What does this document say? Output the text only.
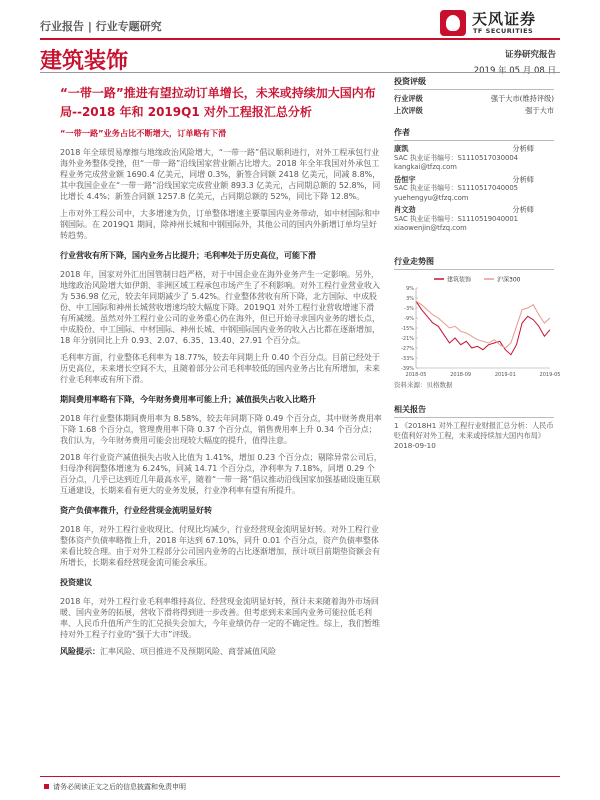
行业报告 | 行业专题研究	天风证券
TF SECURITIES
建筑装饰	证券研究报告
2019 年 05 月 08 日
“一带一路”推进有望拉动订单增长，未来或持续加大国内布局--2018 年和 2019Q1 对外工程报汇总分析
“一带一路”业务占比不断增大，订单略有下滑
2018 年全球贸易摩擦与地缘政治风险增大，“一带一路”倡议顺利进行，对外工程承包行业海外业务整体受挫，但“一带一路”沿线国家营业额占比增大。2018 年全年我国对外承包工程业务完成营业额 1690.4 亿美元，同增 0.3%，新签合同额 2418 亿美元，同减 8.8%，其中我国企业在“一带一路”沿线国家完成营业额 893.3 亿美元，占同期总额的 52.8%，同比增长 4.4%；新签合同额 1257.8 亿美元，占同期总额的 52%，同比下降 12.8%。
上市对外工程公司中，大多增速为负，订单整体增速主要靠国内业务带动，如中材国际和中钢国际。在 2019Q1 期间，除神州长城和中钢国际外，其他公司的国内外新增订单均呈好转趋势。
行业营收有所下降，国内业务占比提升；毛利率处于历史高位，可能下滑
2018 年，国家对外汇出国管制日趋严格，对于中国企业在海外业务产生一定影响。另外，地缘政治风险增大如伊朗、非洲区域工程承包市场产生了不利影响。对外工程行业营业收入为 536.98 亿元，较去年同期减少了 5.42%。行业整体营收有所下降，北方国际、中成股份、中工国际和神州长城营收增速均较大幅度下降。2019Q1 对外工程行业营收增速下滑有所减缓。虽然对外工程行业公司的业务重心仍在海外，但已开始寻求国内业务的增长点，中成股份、中工国际、中材国际、神州长城、中钢国际国内业务的收入占比都在逐渐增加，18 年分别同比上升 0.93、2.07、6.35、13.40、27.91 个百分点。
毛利率方面，行业整体毛利率为 18.77%，较去年同期上升 0.40 个百分点。目前已经处于历史高位，未来增长空间不大，且随着部分公司毛利率较低的国内业务占比有所增加，未来行业毛利率或有所下滑。
期间费用率略有下降，今年财务费用率可能上升；减值损失占收入比略升
2018 年行业整体期间费用率为 8.58%，较去年同期下降 0.49 个百分点，其中财务费用率下降 1.68 个百分点，管理费用率下降 0.37 个百分点，销售费用率上升 0.34 个百分点；我们认为，今年财务费用可能会出现较大幅度的提升，值得注意。
2018 年行业资产减值损失占收入比值为 1.41%，增加 0.23 个百分点；剔除异常公司后，归母净利润整体增速为 6.24%，同减 14.71 个百分点，净利率为 7.18%，同增 0.29 个百分点，几乎已达到近几年最高水平，随着“一带一路”倡议推动沿线国家加强基础设施互联互通建设，长期来看有更大的业务发展，行业净利率有望有所提升。
资产负债率微升，行业经营现金流明显好转
2018 年，对外工程行业收现比、付现比均减少，行业经营现金流明显好转。对外工程行业整体资产负债率略微上升，2018 年达到 67.10%，同升 0.01 个百分点，资产负债率整体来看比较合理。由于对外工程部分公司国内业务的占比逐渐增加，预计项目前期垫资额会有所增长，长期来看经营现金流可能会承压。
投资建议
2018 年，对外工程行业毛利率维持高位、经营现金流明显好转，预计未来随着海外市场回暖、国内业务的拓展，营收下滑将得到进一步改善。但考虑到未来国内业务可能拉低毛利率、人民币升值所产生的汇兑损失会加大，今年业绩仍存一定的不确定性。综上，我们暂维持对外工程子行业的“强于大市”评级。
风险提示：汇率风险、项目推进不及预期风险、商誉减值风险
投资评级
行业评级	强于大市(维持评级)
上次评级	强于大市
作者
康凯	分析师
SAC 执业证书编号：S1110517030004
kangkai@tfzq.com
岳恒宇	分析师
SAC 执业证书编号：S1110517040005
yuehengyu@tfzq.com
肖文劲	分析师
SAC 执业证书编号：S1110519040001
xiaowenjin@tfzq.com
行业走势图
建筑装饰	沪深300
9%
3%
-3%
-9%
-15%
-21%
-27%
-33%
-39%
2018-05	2018-09	2019-01	2019-05
资料来源：贝格数据
相关报告
1 《2018H1 对外工程行业财报汇总分析：人民币贬值利好对外工程，未来或持续加大国内布局》 2018-09-10
请务必阅读正文之后的信息披露和免责申明
